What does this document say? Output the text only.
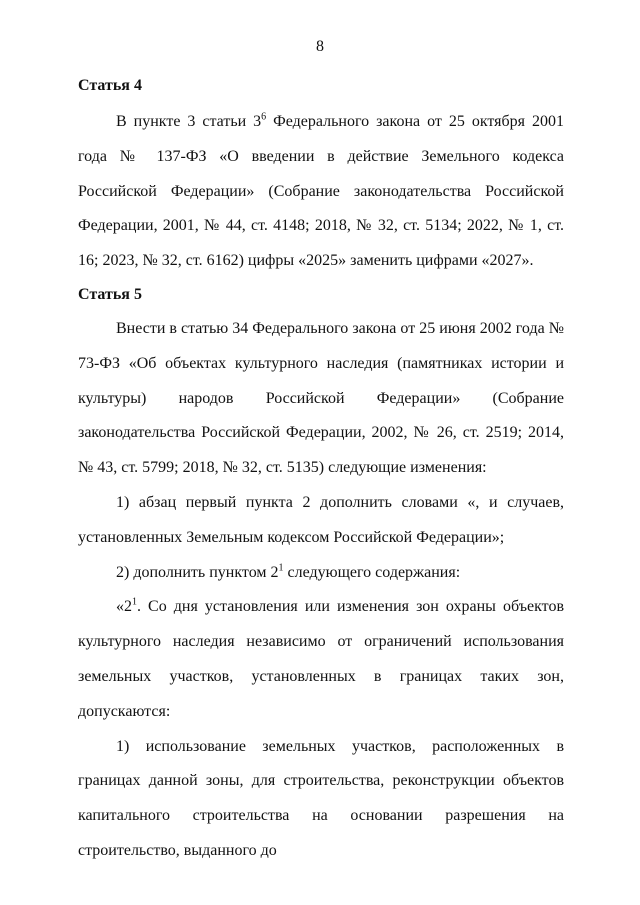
8
Статья 4

В пункте 3 статьи $3^6$ Федерального закона от 25 октября 2001 года № 137-ФЗ «О введении в действие Земельного кодекса Российской Федерации» (Собрание законодательства Российской Федерации, 2001, № 44, ст. 4148; 2018, № 32, ст. 5134; 2022, № 1, ст. 16; 2023, № 32, ст. 6162) цифры «2025» заменить цифрами «2027».

Статья 5

Внести в статью 34 Федерального закона от 25 июня 2002 года № 73-ФЗ «Об объектах культурного наследия (памятниках истории и культуры) народов Российской Федерации» (Собрание законодательства Российской Федерации, 2002, № 26, ст. 2519; 2014, № 43, ст. 5799; 2018, № 32, ст. 5135) следующие изменения:

1) абзац первый пункта 2 дополнить словами «, и случаев, установленных Земельным кодексом Российской Федерации»;

2) дополнить пунктом $2^1$ следующего содержания:

«$2^1$. Со дня установления или изменения зон охраны объектов культурного наследия независимо от ограничений использования земельных участков, установленных в границах таких зон, допускаются:

1) использование земельных участков, расположенных в границах данной зоны, для строительства, реконструкции объектов капитального строительства на основании разрешения на строительство, выданного до
